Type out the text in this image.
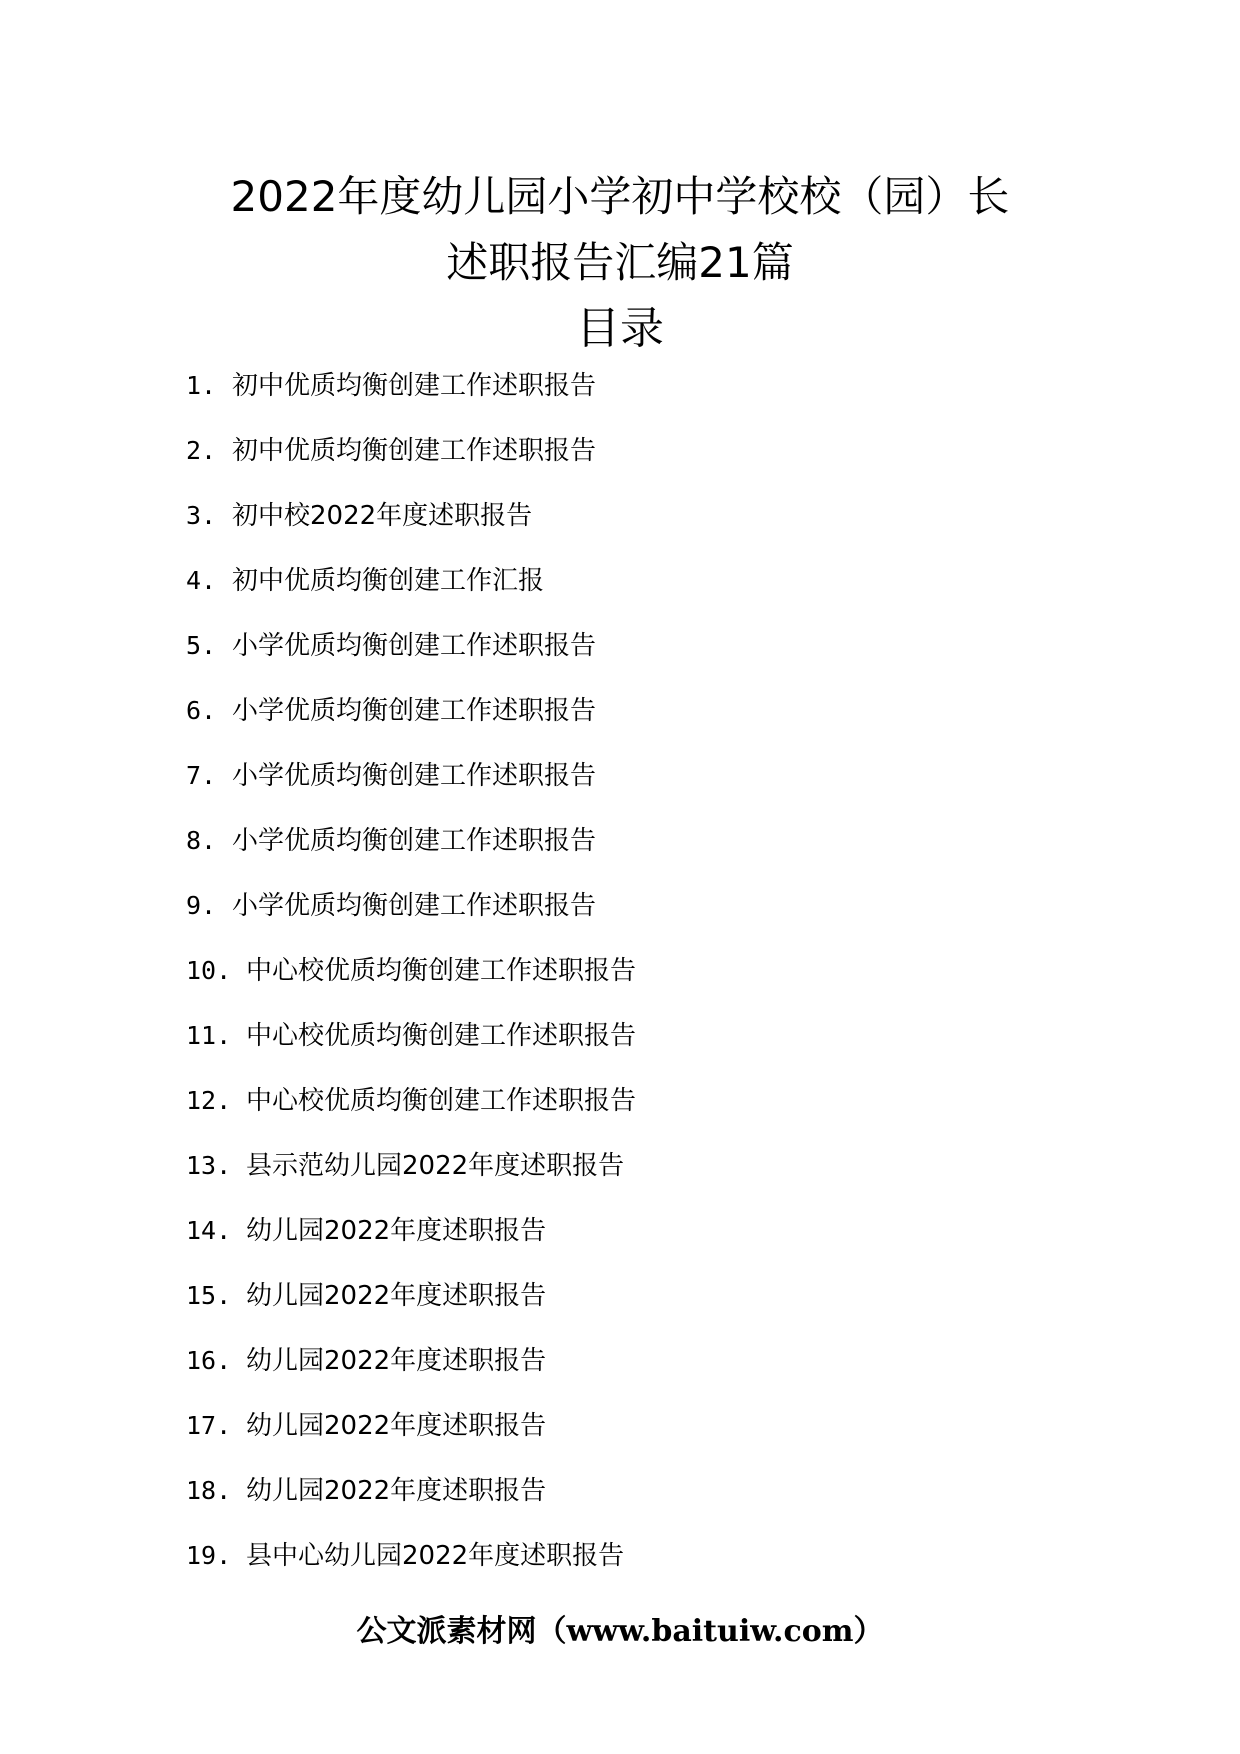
2022年度幼儿园小学初中学校校（园）长
述职报告汇编21篇
目录
1. 初中优质均衡创建工作述职报告
2. 初中优质均衡创建工作述职报告
3. 初中校2022年度述职报告
4. 初中优质均衡创建工作汇报
5. 小学优质均衡创建工作述职报告
6. 小学优质均衡创建工作述职报告
7. 小学优质均衡创建工作述职报告
8. 小学优质均衡创建工作述职报告
9. 小学优质均衡创建工作述职报告
10. 中心校优质均衡创建工作述职报告
11. 中心校优质均衡创建工作述职报告
12. 中心校优质均衡创建工作述职报告
13. 县示范幼儿园2022年度述职报告
14. 幼儿园2022年度述职报告
15. 幼儿园2022年度述职报告
16. 幼儿园2022年度述职报告
17. 幼儿园2022年度述职报告
18. 幼儿园2022年度述职报告
19. 县中心幼儿园2022年度述职报告
公文派素材网（www.baituiw.com）
